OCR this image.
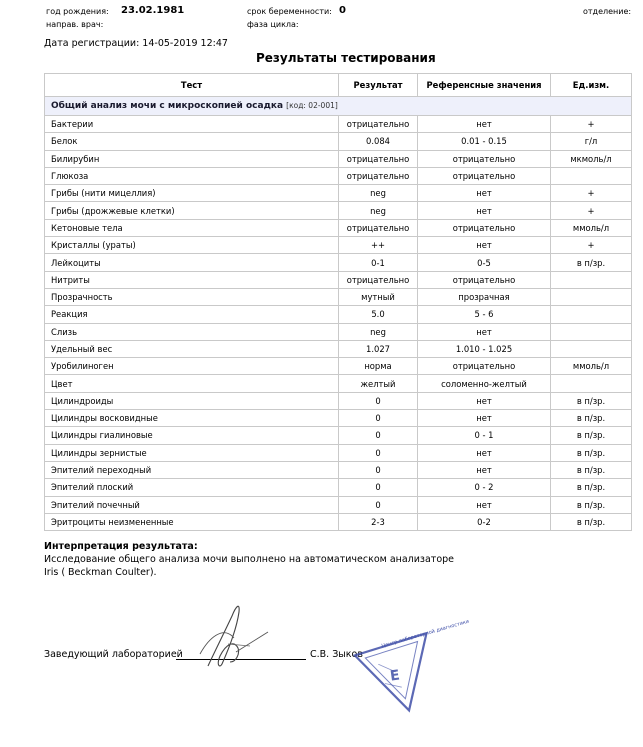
год рождения: 23.02.1981	срок беременности: 0	отделение:
направ. врач:	фаза цикла:
Дата регистрации: 14-05-2019 12:47
Результаты тестирования
Тест	Результат	Референсные значения	Ед.изм.
Общий анализ мочи с микроскопией осадка [код: 02-001]			
Бактерии	отрицательно	нет	+
Белок	0.084	0.01 - 0.15	г/л
Билирубин	отрицательно	отрицательно	мкмоль/л
Глюкоза	отрицательно	отрицательно	
Грибы (нити мицеллия)	neg	нет	+
Грибы (дрожжевые клетки)	neg	нет	+
Кетоновые тела	отрицательно	отрицательно	ммоль/л
Кристаллы (ураты)	++	нет	+
Лейкоциты	0-1	0-5	в п/зр.
Нитриты	отрицательно	отрицательно	
Прозрачность	мутный	прозрачная	
Реакция	5.0	5 - 6	
Слизь	neg	нет	
Удельный вес	1.027	1.010 - 1.025	
Уробилиноген	норма	отрицательно	ммоль/л
Цвет	желтый	соломенно-желтый	
Цилиндроиды	0	нет	в п/зр.
Цилиндры восковидные	0	нет	в п/зр.
Цилиндры гиалиновые	0	0 - 1	в п/зр.
Цилиндры зернистые	0	нет	в п/зр.
Эпителий переходный	0	нет	в п/зр.
Эпителий плоский	0	0 - 2	в п/зр.
Эпителий почечный	0	нет	в п/зр.
Эритроциты неизмененные	2-3	0-2	в п/зр.
Интерпретация результата:
Исследование общего анализа мочи выполнено на автоматическом анализаторе
Iris ( Beckman Coulter).
Заведующий лабораторией	С.В. Зыков
Центр лабораторной диагностики
E
